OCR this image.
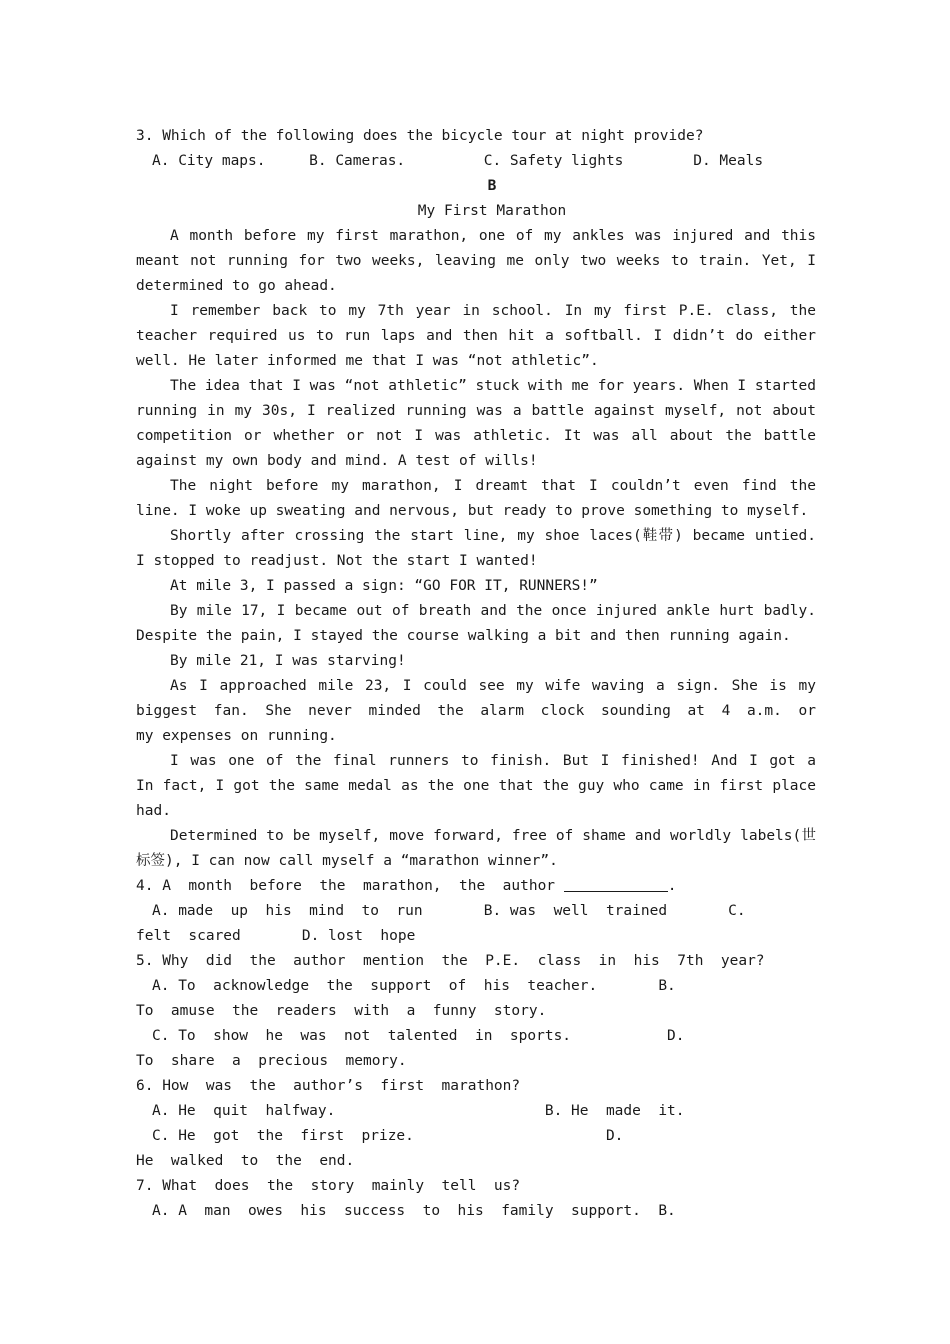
3. Which of the following does the bicycle tour at night provide?
A. City maps.     B. Cameras.         C. Safety lights        D. Meals
B
My First Marathon
A month before my first marathon, one of my ankles was injured and this
meant not running for two weeks, leaving me only two weeks to train. Yet, I
determined to go ahead.
I remember back to my 7th year in school. In my first P.E. class, the
teacher required us to run laps and then hit a softball. I didn’t do either
well. He later informed me that I was “not athletic”.
The idea that I was “not athletic” stuck with me for years. When I started
running in my 30s, I realized running was a battle against myself, not about
competition or whether or not I was athletic. It was all about the battle
against my own body and mind. A test of wills!
The night before my marathon, I dreamt that I couldn’t even find the
line. I woke up sweating and nervous, but ready to prove something to myself.
Shortly after crossing the start line, my shoe laces(鞋带) became untied.
I stopped to readjust. Not the start I wanted!
At mile 3, I passed a sign: “GO FOR IT, RUNNERS!”
By mile 17, I became out of breath and the once injured ankle hurt badly.
Despite the pain, I stayed the course walking a bit and then running again.
By mile 21, I was starving!
As I approached mile 23, I could see my wife waving a sign. She is my
biggest fan. She never minded the alarm clock sounding at 4 a.m. or
my expenses on running.
I was one of the final runners to finish. But I finished! And I got a
In fact, I got the same medal as the one that the guy who came in first place
had.
Determined to be myself, move forward, free of shame and worldly labels(世
标签), I can now call myself a “marathon winner”.
4. A  month  before  the  marathon,  the  author	.
A. made  up  his  mind  to  run       B. was  well  trained       C.
felt  scared       D. lost  hope
5. Why  did  the  author  mention  the  P.E.  class  in  his  7th  year?
A. To  acknowledge  the  support  of  his  teacher.       B.
To  amuse  the  readers  with  a  funny  story.
C. To  show  he  was  not  talented  in  sports.           D.
To  share  a  precious  memory.
6. How  was  the  author’s  first  marathon?
A. He  quit  halfway.                        B. He  made  it.
C. He  got  the  first  prize.                      D.
He  walked  to  the  end.
7. What  does  the  story  mainly  tell  us?
A. A  man  owes  his  success  to  his  family  support.  B.
